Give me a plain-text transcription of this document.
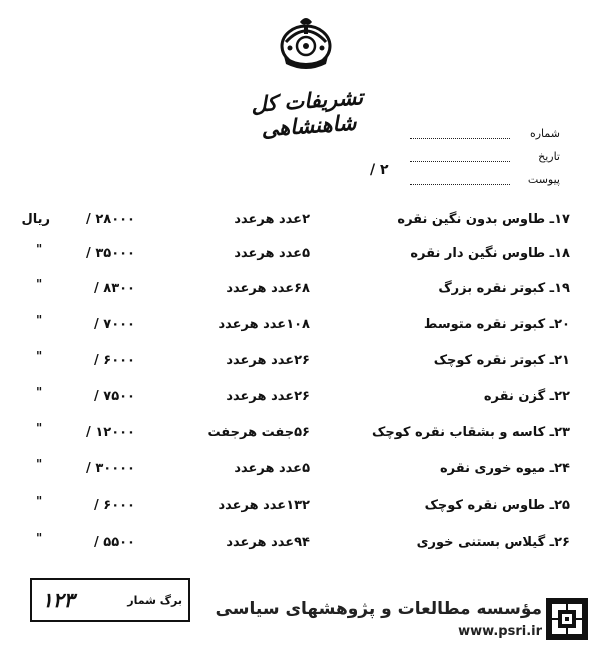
تشریفات کل شاهنشاهی	شماره
تاریخ
پیوست
۲ /
۱۷ـ طاوس بدون نگین نقره
۲عدد هرعدد
/ ۲۸۰۰۰
ریال
۱۸ـ طاوس نگین دار نقره
۵عدد هرعدد
/ ۳۵۰۰۰
"
۱۹ـ کبوتر نقره بزرگ
۶۸عدد هرعدد
/ ۸۳۰۰
"
۲۰ـ کبوتر نقره متوسط
۱۰۸عدد هرعدد
/ ۷۰۰۰
"
۲۱ـ کبوتر نقره کوچک
۲۶عدد هرعدد
/ ۶۰۰۰
"
۲۲ـ گزن نقره
۲۶عدد هرعدد
/ ۷۵۰۰
"
۲۳ـ کاسه و بشقاب نقره کوچک
۵۶جفت هرجفت
/ ۱۲۰۰۰
"
۲۴ـ میوه خوری نقره
۵عدد هرعدد
/ ۳۰۰۰۰
"
۲۵ـ طاوس نقره کوچک
۱۳۲عدد هرعدد
/ ۶۰۰۰
"
۲۶ـ گیلاس بستنی خوری
۹۴عدد هرعدد
/ ۵۵۰۰
"
۱۲۳	برگ شمار مؤسسه مطالعات و پژوهشهای سیاسی
www.psri.ir
